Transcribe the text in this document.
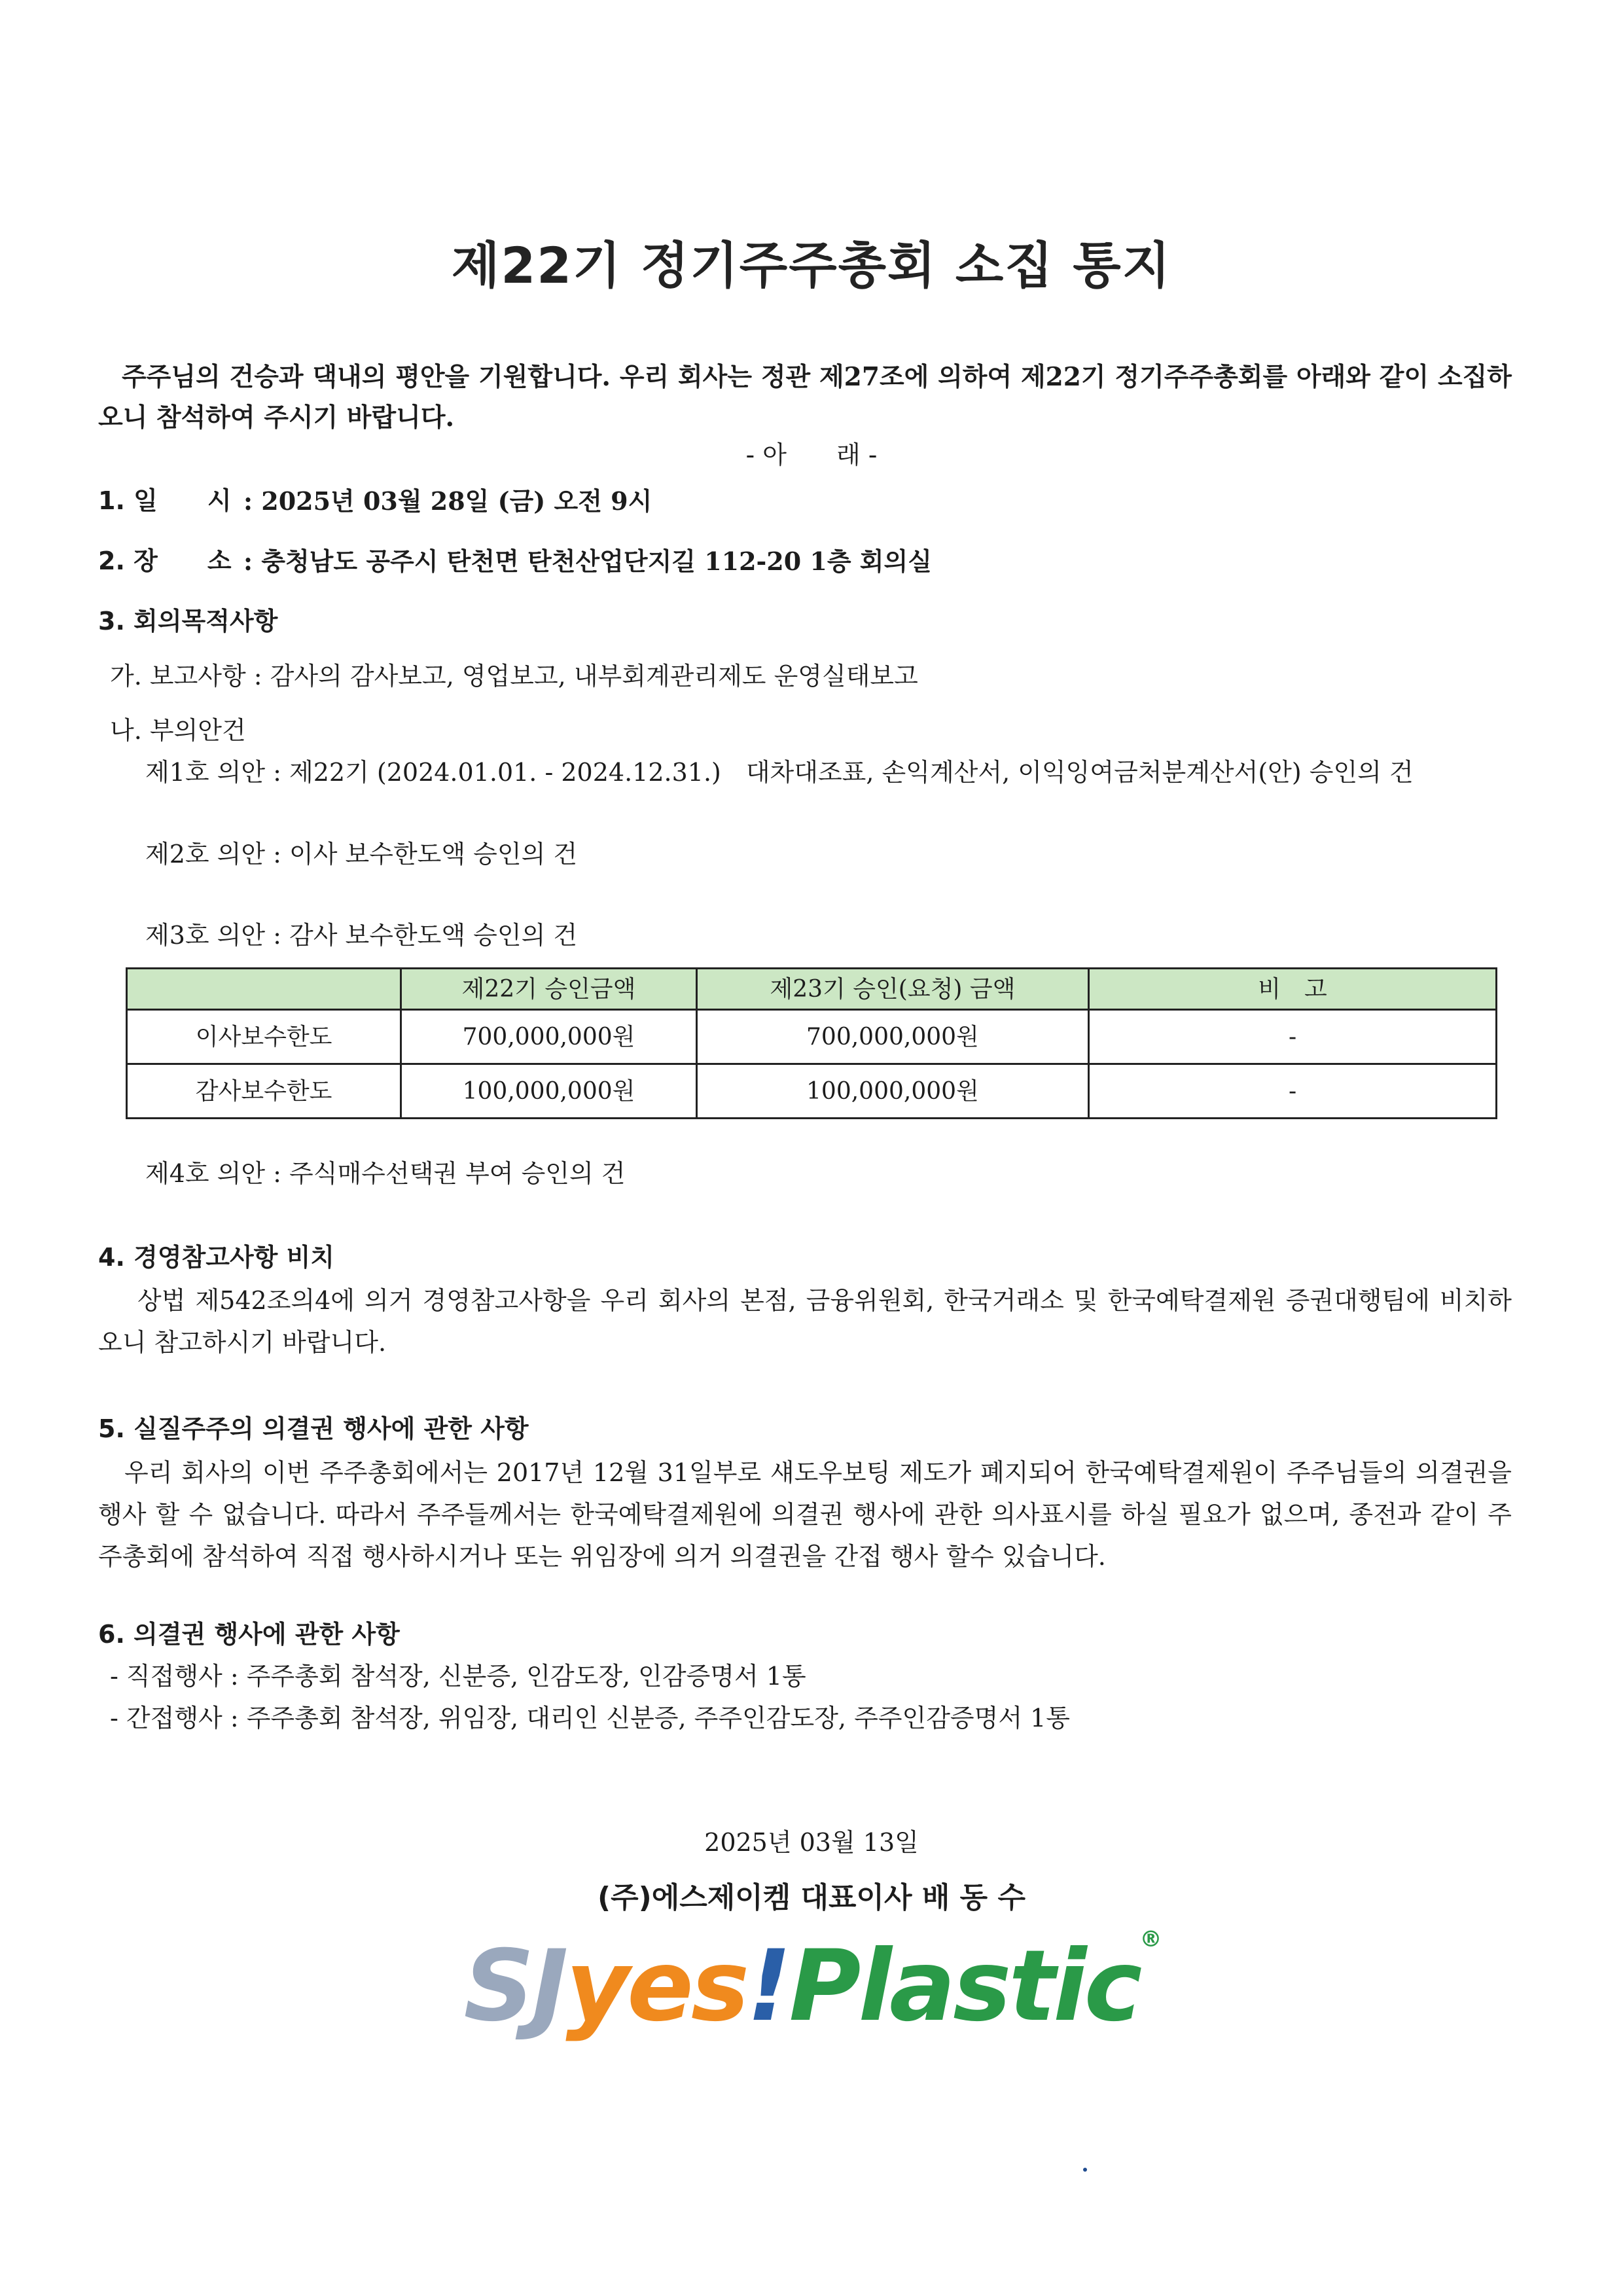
제22기 정기주주총회 소집 통지
주주님의 건승과 댁내의 평안을 기원합니다. 우리 회사는 정관 제27조에 의하여 제22기 정기주주총회를 아래와 같이 소집하오니 참석하여 주시기 바랍니다.
- 아　　래 -
1. 일　　시 : 2025년 03월 28일 (금) 오전 9시
2. 장　　소 : 충청남도 공주시 탄천면 탄천산업단지길 112-20 1층 회의실
3. 회의목적사항
가. 보고사항 : 감사의 감사보고, 영업보고, 내부회계관리제도 운영실태보고
나. 부의안건
제1호 의안 : 제22기 (2024.01.01. - 2024.12.31.)　대차대조표, 손익계산서, 이익잉여금처분계산서(안) 승인의 건
제2호 의안 : 이사 보수한도액 승인의 건
제3호 의안 : 감사 보수한도액 승인의 건
	제22기 승인금액	제23기 승인(요청) 금액	비　고
이사보수한도	700,000,000원	700,000,000원	-
감사보수한도	100,000,000원	100,000,000원	-
제4호 의안 : 주식매수선택권 부여 승인의 건
4. 경영참고사항 비치
상법 제542조의4에 의거 경영참고사항을 우리 회사의 본점, 금융위원회, 한국거래소 및 한국예탁결제원 증권대행팀에 비치하오니 참고하시기 바랍니다.
5. 실질주주의 의결권 행사에 관한 사항
우리 회사의 이번 주주총회에서는 2017년 12월 31일부로 섀도우보팅 제도가 폐지되어 한국예탁결제원이 주주님들의 의결권을 행사 할 수 없습니다. 따라서 주주들께서는 한국예탁결제원에 의결권 행사에 관한 의사표시를 하실 필요가 없으며, 종전과 같이 주주총회에 참석하여 직접 행사하시거나 또는 위임장에 의거 의결권을 간접 행사 할수 있습니다.
6. 의결권 행사에 관한 사항
- 직접행사 : 주주총회 참석장, 신분증, 인감도장, 인감증명서 1통
- 간접행사 : 주주총회 참석장, 위임장, 대리인 신분증, 주주인감도장, 주주인감증명서 1통
2025년 03월 13일
(주)에스제이켐 대표이사 배 동 수
SJyes!Plastic®
